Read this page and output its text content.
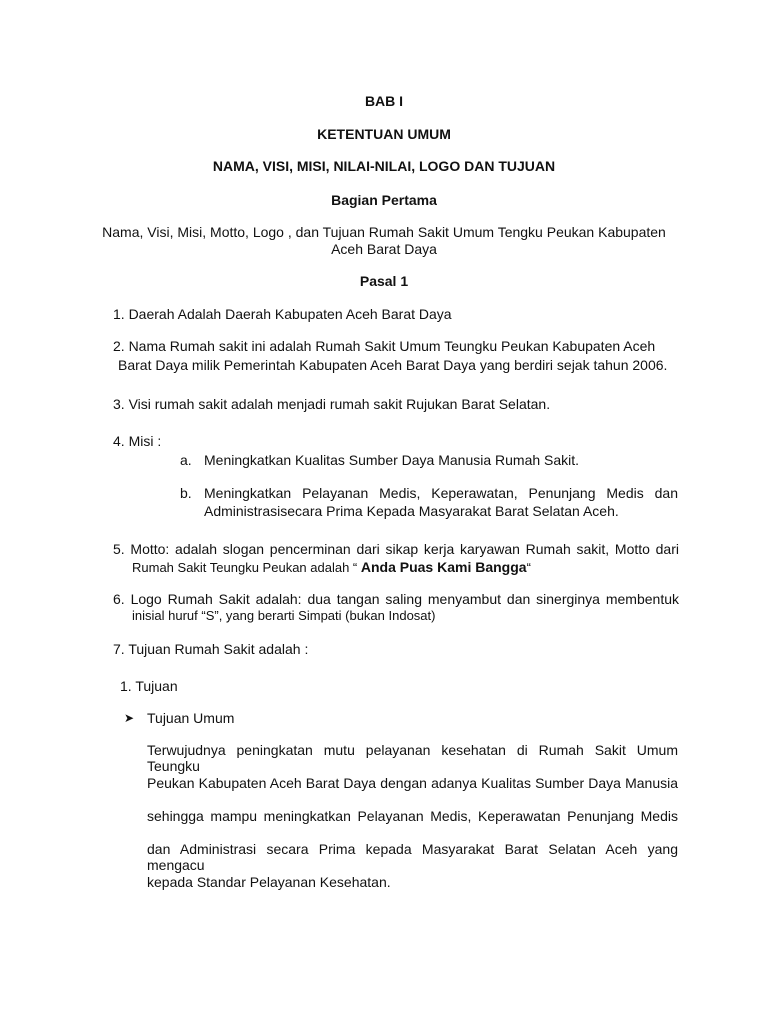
BAB I
KETENTUAN UMUM
NAMA, VISI, MISI, NILAI-NILAI, LOGO DAN TUJUAN
Bagian Pertama
Nama, Visi, Misi, Motto, Logo , dan Tujuan Rumah Sakit Umum Tengku Peukan Kabupaten
Aceh Barat Daya
Pasal 1
1. Daerah Adalah Daerah Kabupaten Aceh Barat Daya
2. Nama Rumah sakit ini adalah Rumah Sakit Umum Teungku Peukan Kabupaten Aceh
Barat Daya milik Pemerintah Kabupaten Aceh Barat Daya yang berdiri sejak tahun 2006.
3. Visi rumah sakit adalah menjadi rumah sakit Rujukan Barat Selatan.
4. Misi :
a. Meningkatkan Kualitas Sumber Daya Manusia Rumah Sakit.
b. Meningkatkan Pelayanan Medis, Keperawatan, Penunjang Medis dan
Administrasisecara Prima Kepada Masyarakat Barat Selatan Aceh.
5. Motto: adalah slogan pencerminan dari sikap kerja karyawan Rumah sakit, Motto dari
Rumah Sakit Teungku Peukan adalah “ Anda Puas Kami Bangga“
6. Logo Rumah Sakit adalah: dua tangan saling menyambut dan sinerginya membentuk
inisial huruf “S”, yang berarti Simpati (bukan Indosat)
7. Tujuan Rumah Sakit adalah :
1. Tujuan
➤ Tujuan Umum
Terwujudnya peningkatan mutu pelayanan kesehatan di Rumah Sakit Umum Teungku
Peukan Kabupaten Aceh Barat Daya dengan adanya Kualitas Sumber Daya Manusia
sehingga mampu meningkatkan Pelayanan Medis, Keperawatan Penunjang Medis
dan Administrasi secara Prima kepada Masyarakat Barat Selatan Aceh yang mengacu
kepada Standar Pelayanan Kesehatan.
